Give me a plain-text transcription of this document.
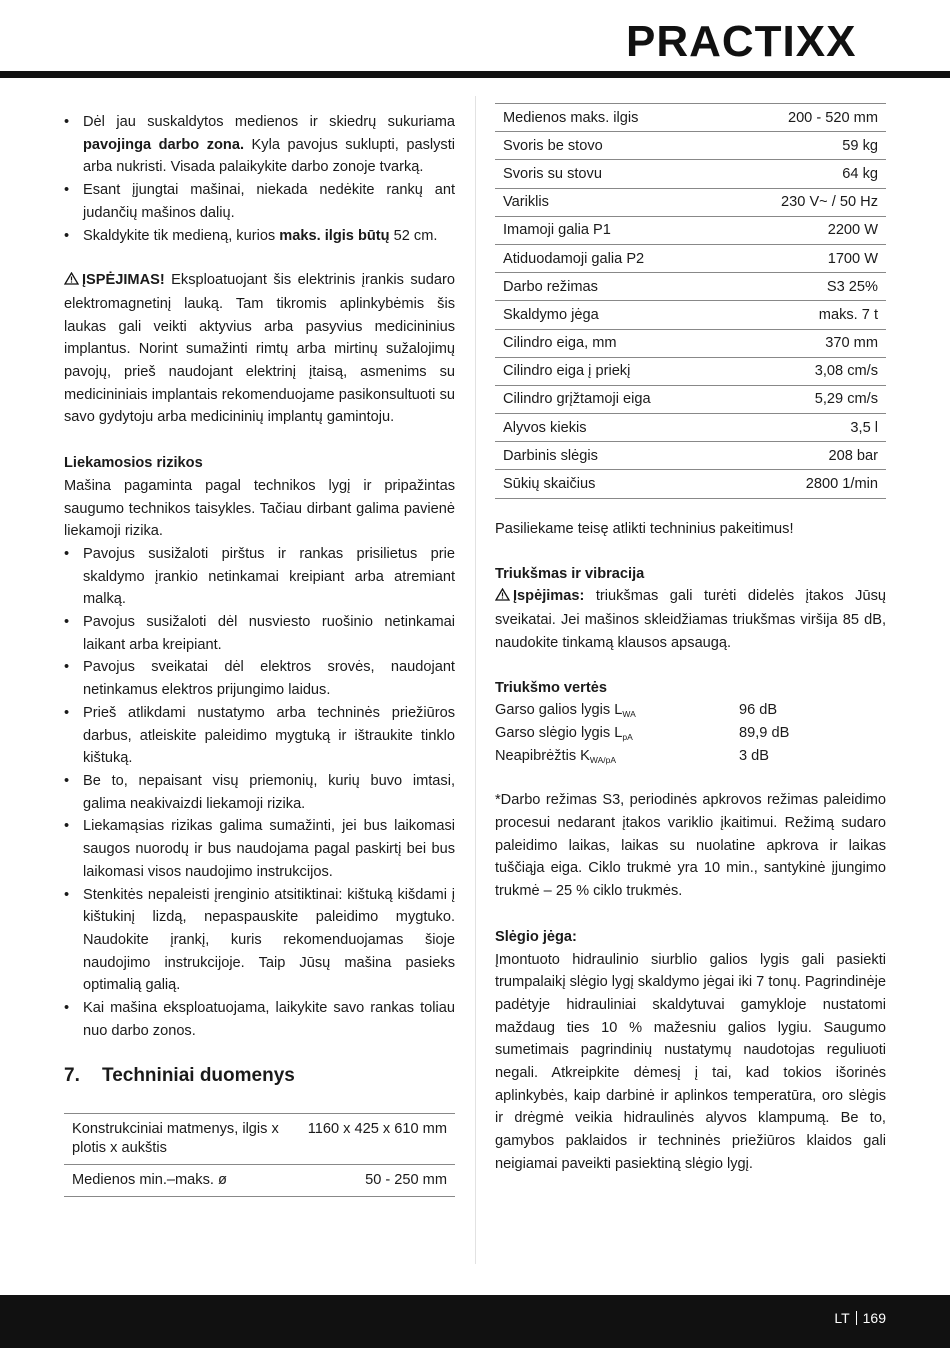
PRACTIXX
• Dėl jau suskaldytos medienos ir skiedrų sukuriama pavojinga darbo zona. Kyla pavojus suklupti, paslysti arba nukristi. Visada palaikykite darbo zonoje tvarką.
• Esant įjungtai mašinai, niekada nedėkite rankų ant judančių mašinos dalių.
• Skaldykite tik medieną, kurios maks. ilgis būtų 52 cm.

ĮSPĖJIMAS! Eksploatuojant šis elektrinis įrankis sudaro elektromagnetinį lauką. Tam tikromis aplinkybėmis šis laukas gali veikti aktyvius arba pasyvius medicininius implantus. Norint sumažinti rimtų arba mirtinų sužalojimų pavojų, prieš naudojant elektrinį įtaisą, asmenims su medicininiais implantais rekomenduojame pasikonsultuoti su savo gydytoju arba medicininių implantų gamintoju.

Liekamosios rizikos

Mašina pagaminta pagal technikos lygį ir pripažintas saugumo technikos taisykles. Tačiau dirbant galima pavienė liekamoji rizika.

• Pavojus susižaloti pirštus ir rankas prisilietus prie skaldymo įrankio netinkamai kreipiant arba atremiant malką.
• Pavojus susižaloti dėl nusviesto ruošinio netinkamai laikant arba kreipiant.
• Pavojus sveikatai dėl elektros srovės, naudojant netinkamus elektros prijungimo laidus.
• Prieš atlikdami nustatymo arba techninės priežiūros darbus, atleiskite paleidimo mygtuką ir ištraukite tinklo kištuką.
• Be to, nepaisant visų priemonių, kurių buvo imtasi, galima neakivaizdi liekamoji rizika.
• Liekamąsias rizikas galima sumažinti, jei bus laikomasi saugos nuorodų ir bus naudojama pagal paskirtį bei bus laikomasi visos naudojimo instrukcijos.
• Stenkitės nepaleisti įrenginio atsitiktinai: kištuką kišdami į kištukinį lizdą, nepaspauskite paleidimo mygtuko. Naudokite įrankį, kuris rekomenduojamas šioje naudojimo instrukcijoje. Taip Jūsų mašina pasieks optimalią galią.
• Kai mašina eksploatuojama, laikykite savo rankas toliau nuo darbo zonos.
7. Techniniai duomenys
Konstrukciniai matmenys, ilgis x plotis x aukštis	1160 x 425 x 610 mm
Medienos min.–maks. ø	50 - 250 mm
Medienos maks. ilgis	200 - 520 mm
Svoris be stovo	59 kg
Svoris su stovu	64 kg
Variklis	230 V~ / 50 Hz
Imamoji galia P1	2200 W
Atiduodamoji galia P2	1700 W
Darbo režimas	S3 25%
Skaldymo jėga	maks. 7 t
Cilindro eiga, mm	370 mm
Cilindro eiga į priekį	3,08 cm/s
Cilindro grįžtamoji eiga	5,29 cm/s
Alyvos kiekis	3,5 l
Darbinis slėgis	208 bar
Sūkių skaičius	2800 1/min

Pasiliekame teisę atlikti techninius pakeitimus!

Triukšmas ir vibracija

Įspėjimas: triukšmas gali turėti didelės įtakos Jūsų sveikatai. Jei mašinos skleidžiamas triukšmas viršija 85 dB, naudokite tinkamą klausos apsaugą.

Triukšmo vertės

Garso galios lygis $L_{WA}$	96 dB
Garso slėgio lygis $L_{pA}$	89,9 dB
Neapibrėžtis $K_{WA/pA}$	3 dB

*Darbo režimas S3, periodinės apkrovos režimas paleidimo procesui nedarant įtakos variklio įkaitimui. Režimą sudaro paleidimo laikas, laikas su nuolatine apkrova ir laikas tuščiąja eiga. Ciklo trukmė yra 10 min., santykinė įjungimo trukmė – 25 % ciklo trukmės.

Slėgio jėga:

Įmontuoto hidraulinio siurblio galios lygis gali pasiekti trumpalaikį slėgio lygį skaldymo jėgai iki 7 tonų. Pagrindinėje padėtyje hidrauliniai skaldytuvai gamykloje nustatomi maždaug ties 10 % mažesniu galios lygiu. Saugumo sumetimais pagrindinių nustatymų naudotojas reguliuoti negali. Atkreipkite dėmesį į tai, kad tokios išorinės aplinkybės, kaip darbinė ir aplinkos temperatūra, oro slėgis ir drėgmė veikia hidraulinės alyvos klampumą. Be to, gamybos paklaidos ir techninės priežiūros klaidos gali neigiamai paveikti pasiektiną slėgio lygį.

LT 169
